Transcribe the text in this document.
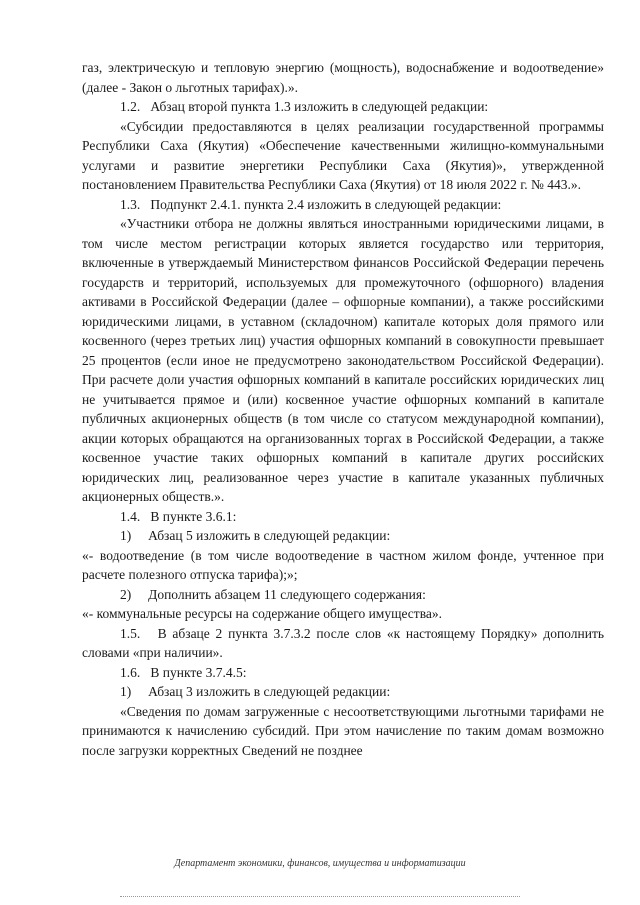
газ, электрическую и тепловую энергию (мощность), водоснабжение и водоотведение» (далее - Закон о льготных тарифах).».

1.2. Абзац второй пункта 1.3 изложить в следующей редакции:

«Субсидии предоставляются в целях реализации государственной программы Республики Саха (Якутия) «Обеспечение качественными жилищно-коммунальными услугами и развитие энергетики Республики Саха (Якутия)», утвержденной постановлением Правительства Республики Саха (Якутия) от 18 июля 2022 г. № 443.».

1.3. Подпункт 2.4.1. пункта 2.4 изложить в следующей редакции:

«Участники отбора не должны являться иностранными юридическими лицами, в том числе местом регистрации которых является государство или территория, включенные в утверждаемый Министерством финансов Российской Федерации перечень государств и территорий, используемых для промежуточного (офшорного) владения активами в Российской Федерации (далее – офшорные компании), а также российскими юридическими лицами, в уставном (складочном) капитале которых доля прямого или косвенного (через третьих лиц) участия офшорных компаний в совокупности превышает 25 процентов (если иное не предусмотрено законодательством Российской Федерации). При расчете доли участия офшорных компаний в капитале российских юридических лиц не учитывается прямое и (или) косвенное участие офшорных компаний в капитале публичных акционерных обществ (в том числе со статусом международной компании), акции которых обращаются на организованных торгах в Российской Федерации, а также косвенное участие таких офшорных компаний в капитале других российских юридических лиц, реализованное через участие в капитале указанных публичных акционерных обществ.».

1.4. В пункте 3.6.1:

1) Абзац 5 изложить в следующей редакции:

«- водоотведение (в том числе водоотведение в частном жилом фонде, учтенное при расчете полезного отпуска тарифа);»;

2) Дополнить абзацем 11 следующего содержания:

«- коммунальные ресурсы на содержание общего имущества».

1.5. В абзаце 2 пункта 3.7.3.2 после слов «к настоящему Порядку» дополнить словами «при наличии».

1.6. В пункте 3.7.4.5:

1) Абзац 3 изложить в следующей редакции:

«Сведения по домам загруженные с несоответствующими льготными тарифами не принимаются к начислению субсидий. При этом начисление по таким домам возможно после загрузки корректных Сведений не позднее

Департамент экономики, финансов, имущества и информатизации
